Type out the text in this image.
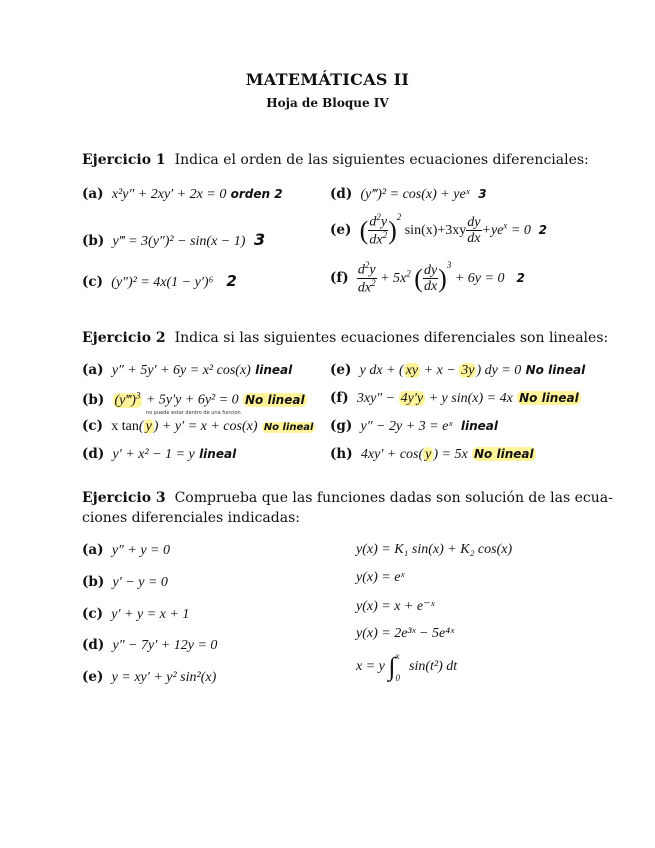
MATEMÁTICAS II
Hoja de Bloque IV
Ejercicio 1 Indica el orden de las siguientes ecuaciones diferenciales:
(a) x²y″ + 2xy′ + 2x = 0 orden 2
(b) y‴ = 3(y″)² − sin(x − 1) 3
(c) (y″)² = 4x(1 − y′)⁶ 2
(d) (y‴)² = cos(x) + yeˣ 3
(e) ( $\frac{d^2y}{dx^2} )^2$ $\sin(x)+3xy \frac{dy}{dx} +ye^x = 0$  2
$(f) \frac{d^2y}{dx^2} + 5x^2$ ( $\frac{dy}{dx} )^3 + 6y = 0$ 2
Ejercicio 2 Indica si las siguientes ecuaciones diferenciales son lineales:
(a) y″ + 5y′ + 6y = x² cos(x) lineal
(b) (y‴)$^3$ + 5y′y + 6y² = 0 No lineal
no puede estar dentro de una funcion
(c) x tan( y ) + y′ = x + cos(x) No lineal
(d) y′ + x² − 1 = y lineal
(e) y dx + ( xy + x − 3y ) dy = 0 No lineal
(f) 3xy″ − 4y′y + y sin(x) = 4x No lineal
(g) y″ − 2y + 3 = eˣ lineal
(h) 4xy′ + cos( y ) = 5x No lineal
Ejercicio 3 Comprueba que las funciones dadas son solución de las ecua-
ciones diferenciales indicadas:
(a) y″ + y = 0
(b) y′ − y = 0
(c) y′ + y = x + 1
(d) y″ − 7y′ + 12y = 0
(e) y = xy′ + y² sin²(x)
y(x) = K₁ sin(x) + K₂ cos(x)
y(x) = eˣ
y(x) = x + e⁻ˣ
y(x) = 2e³ˣ − 5e⁴ˣ
x = y ∫ x
0
sin(t²) dt
